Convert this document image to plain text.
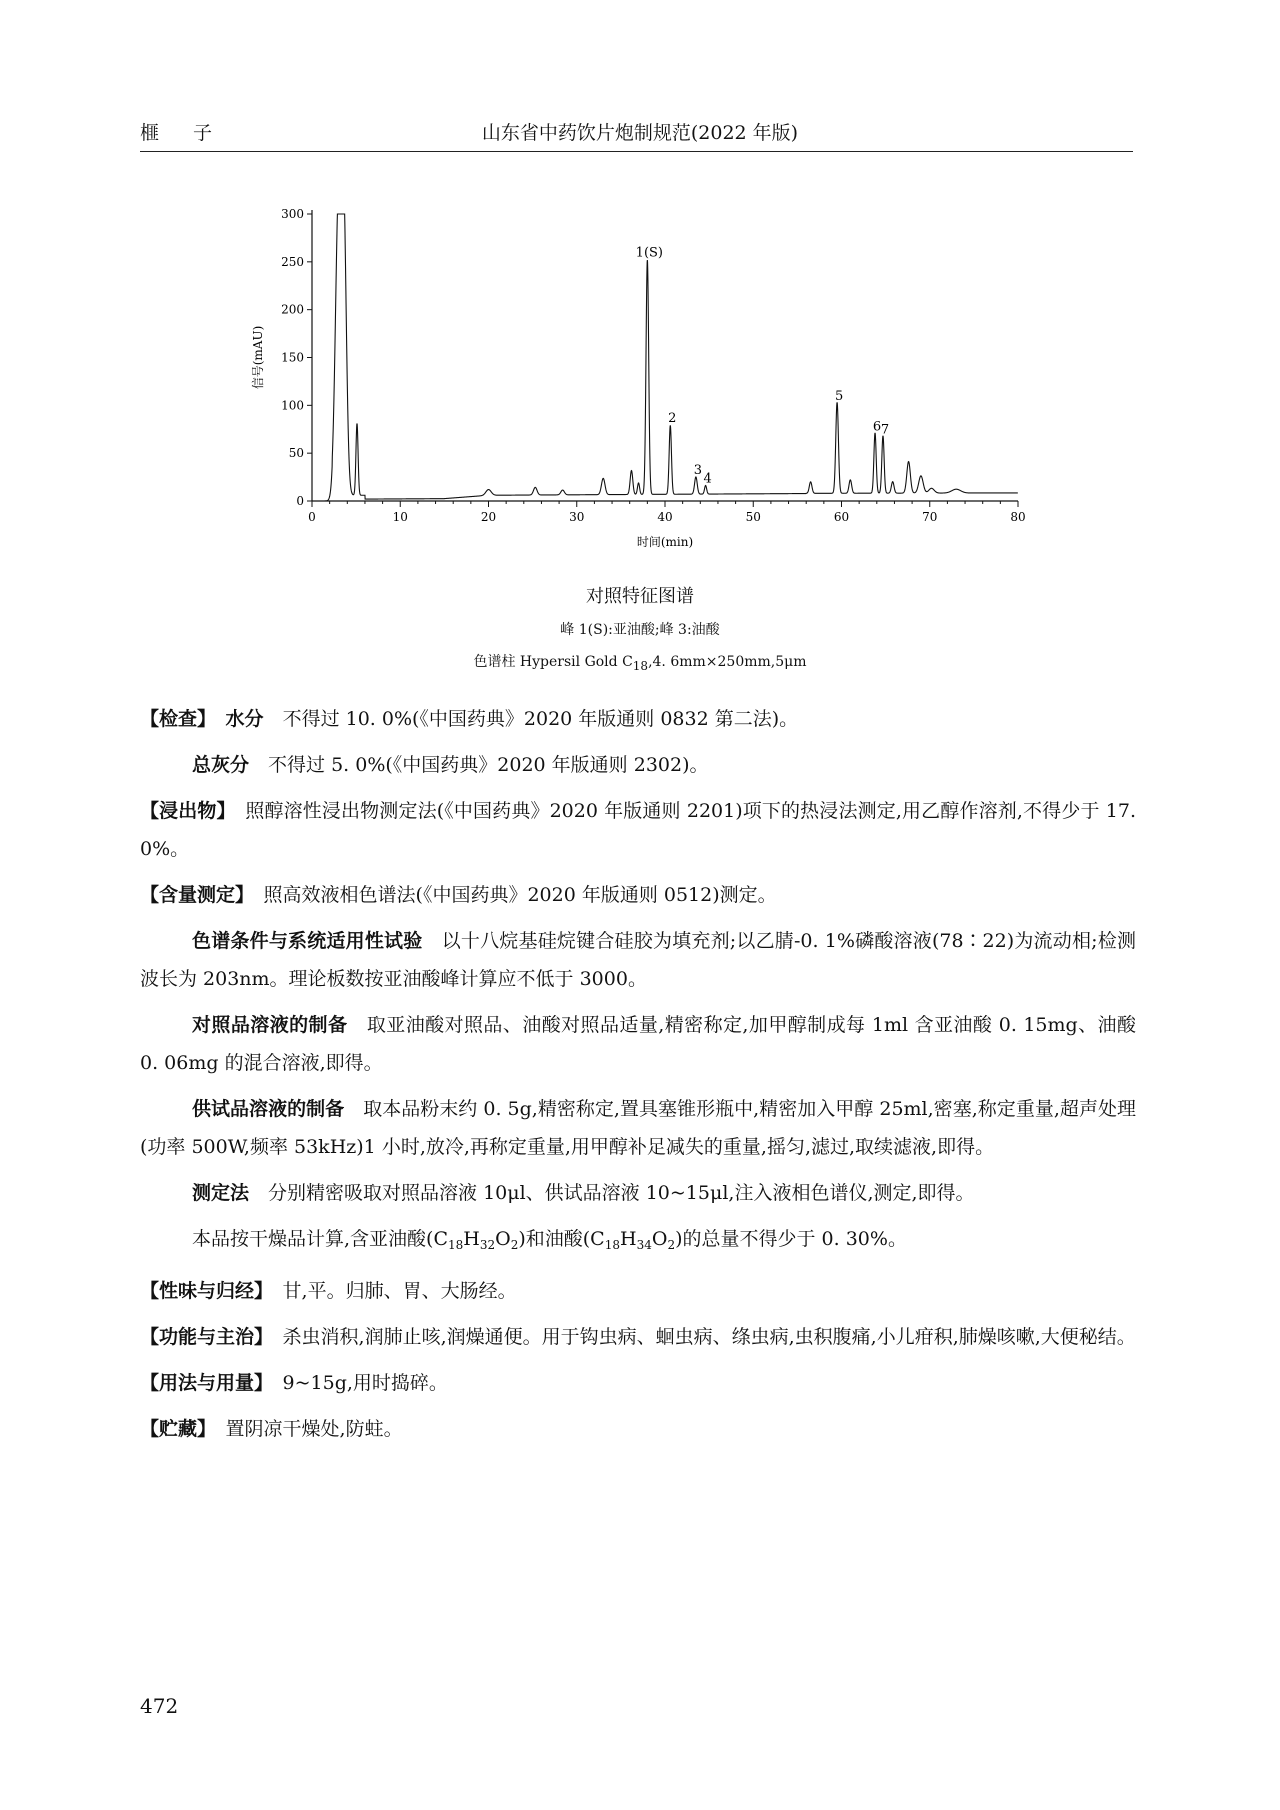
榧 子	山东省中药饮片炮制规范(2022 年版)
0
50
100
150
200
250
300
0	10	20	30	40	50	60	70	80
信号(mAU)
时间(min)
1(S)
2
3
4
5
6 7
对照特征图谱
峰 1(S):亚油酸;峰 3:油酸
色谱柱 Hypersil Gold C18,4. 6mm×250mm,5μm

【检查】　 水分　 不得过 10. 0%(《中国药典》2020 年版通则 0832 第二法)。

总灰分　 不得过 5. 0%(《中国药典》2020 年版通则 2302)。

【浸出物】　 照醇溶性浸出物测定法(《中国药典》2020 年版通则 2201)项下的热浸法测定,用乙醇作溶剂,不得少于 17. 0%。

【含量测定】　 照高效液相色谱法(《中国药典》2020 年版通则 0512)测定。

色谱条件与系统适用性试验　 以十八烷基硅烷键合硅胶为填充剂;以乙腈-0. 1%磷酸溶液(78∶22)为流动相;检测波长为 203nm。理论板数按亚油酸峰计算应不低于 3000。

对照品溶液的制备　 取亚油酸对照品、油酸对照品适量,精密称定,加甲醇制成每 1ml 含亚油酸 0. 15mg、油酸 0. 06mg 的混合溶液,即得。

供试品溶液的制备　 取本品粉末约 0. 5g,精密称定,置具塞锥形瓶中,精密加入甲醇 25ml,密塞,称定重量,超声处理(功率 500W,频率 53kHz)1 小时,放冷,再称定重量,用甲醇补足减失的重量,摇匀,滤过,取续滤液,即得。

测定法　 分别精密吸取对照品溶液 10μl、供试品溶液 10~15μl,注入液相色谱仪,测定,即得。

本品按干燥品计算,含亚油酸$(C_{18}H_{32}O_2)$和油酸$(C_{18}H_{34}O_2)$的总量不得少于 0. 30%。

【性味与归经】　 甘,平。归肺、胃、大肠经。

【功能与主治】　 杀虫消积,润肺止咳,润燥通便。用于钩虫病、蛔虫病、绦虫病,虫积腹痛,小儿疳积,肺燥咳嗽,大便秘结。

【用法与用量】　 9~15g,用时捣碎。

【贮藏】　 置阴凉干燥处,防蛀。

472
